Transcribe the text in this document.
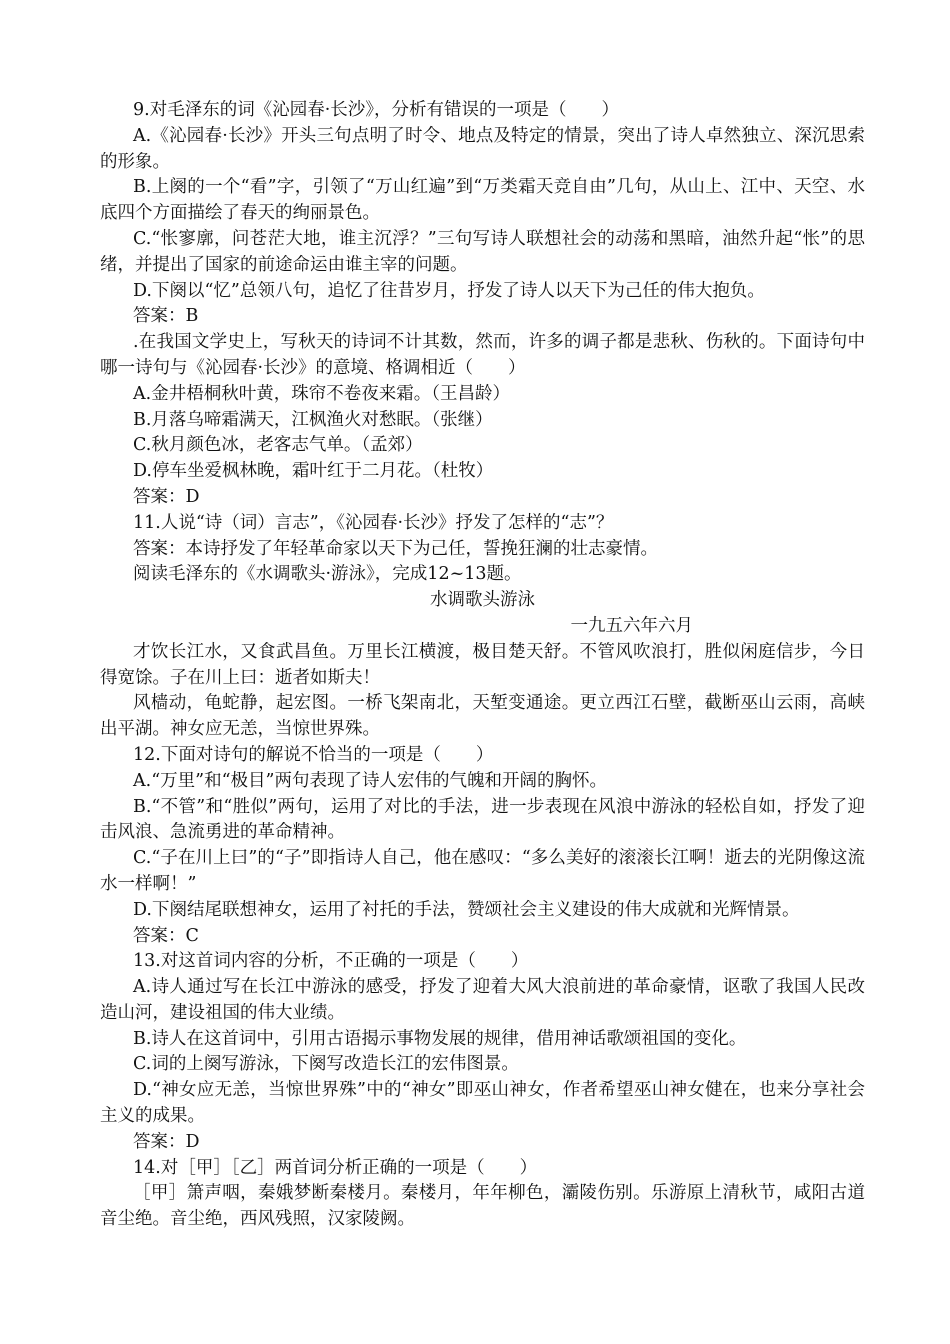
9.对毛泽东的词《沁园春·长沙》，分析有错误的一项是（　　）

A.《沁园春·长沙》开头三句点明了时令、地点及特定的情景，突出了诗人卓然独立、深沉思索的形象。

B.上阕的一个“看”字，引领了“万山红遍”到“万类霜天竞自由”几句，从山上、江中、天空、水底四个方面描绘了春天的绚丽景色。

C.“怅寥廓，问苍茫大地，谁主沉浮？”三句写诗人联想社会的动荡和黑暗，油然升起“怅”的思绪，并提出了国家的前途命运由谁主宰的问题。

D.下阕以“忆”总领八句，追忆了往昔岁月，抒发了诗人以天下为己任的伟大抱负。

答案：B

.在我国文学史上，写秋天的诗词不计其数，然而，许多的调子都是悲秋、伤秋的。下面诗句中哪一诗句与《沁园春·长沙》的意境、格调相近（　　）

A.金井梧桐秋叶黄，珠帘不卷夜来霜。（王昌龄）

B.月落乌啼霜满天，江枫渔火对愁眠。（张继）

C.秋月颜色冰，老客志气单。（孟郊）

D.停车坐爱枫林晚，霜叶红于二月花。（杜牧）

答案：D

11.人说“诗（词）言志”，《沁园春·长沙》抒发了怎样的“志”？

答案：本诗抒发了年轻革命家以天下为己任，誓挽狂澜的壮志豪情。

阅读毛泽东的《水调歌头·游泳》，完成12~13题。

水调歌头游泳

一九五六年六月

才饮长江水，又食武昌鱼。万里长江横渡，极目楚天舒。不管风吹浪打，胜似闲庭信步，今日得宽馀。子在川上曰：逝者如斯夫！

风樯动，龟蛇静，起宏图。一桥飞架南北，天堑变通途。更立西江石壁，截断巫山云雨，高峡出平湖。神女应无恙，当惊世界殊。

12.下面对诗句的解说不恰当的一项是（　　）

A.“万里”和“极目”两句表现了诗人宏伟的气魄和开阔的胸怀。

B.“不管”和“胜似”两句，运用了对比的手法，进一步表现在风浪中游泳的轻松自如，抒发了迎击风浪、急流勇进的革命精神。

C.“子在川上曰”的“子”即指诗人自己，他在感叹：“多么美好的滚滚长江啊！逝去的光阴像这流水一样啊！”

D.下阕结尾联想神女，运用了衬托的手法，赞颂社会主义建设的伟大成就和光辉情景。

答案：C

13.对这首词内容的分析，不正确的一项是（　　）

A.诗人通过写在长江中游泳的感受，抒发了迎着大风大浪前进的革命豪情，讴歌了我国人民改造山河，建设祖国的伟大业绩。

B.诗人在这首词中，引用古语揭示事物发展的规律，借用神话歌颂祖国的变化。

C.词的上阕写游泳，下阕写改造长江的宏伟图景。

D.“神女应无恙，当惊世界殊”中的“神女”即巫山神女，作者希望巫山神女健在，也来分享社会主义的成果。

答案：D

14.对［甲］［乙］两首词分析正确的一项是（　　）

［甲］箫声咽，秦娥梦断秦楼月。秦楼月，年年柳色，灞陵伤别。乐游原上清秋节，咸阳古道音尘绝。音尘绝，西风残照，汉家陵阙。
